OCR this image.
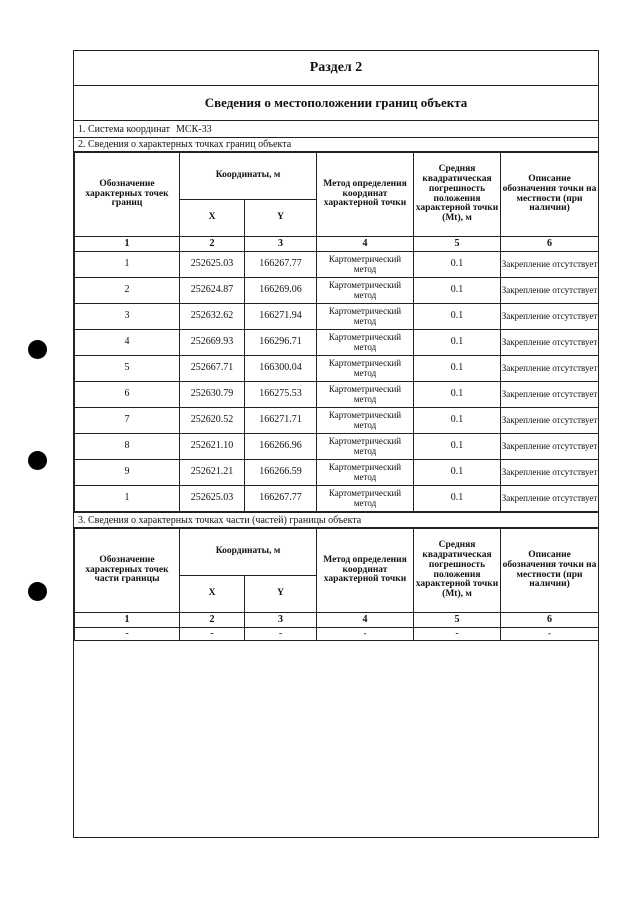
Раздел 2
Сведения о местоположении границ объекта
1. Система координат МСК-33
2. Сведения о характерных точках границ объекта
Обозначение характерных точек границ	Координаты, м		Метод определения координат характерной точки	Средняя квадратическая погрешность положения характерной точки (Mt), м	Описание обозначения точки на местности (при наличии)
	X	Y			
1	2	3	4	5	6
1	252625.03	166267.77	Картометрический метод	0.1	Закрепление отсутствует
2	252624.87	166269.06	Картометрический метод	0.1	Закрепление отсутствует
3	252632.62	166271.94	Картометрический метод	0.1	Закрепление отсутствует
4	252669.93	166296.71	Картометрический метод	0.1	Закрепление отсутствует
5	252667.71	166300.04	Картометрический метод	0.1	Закрепление отсутствует
6	252630.79	166275.53	Картометрический метод	0.1	Закрепление отсутствует
7	252620.52	166271.71	Картометрический метод	0.1	Закрепление отсутствует
8	252621.10	166266.96	Картометрический метод	0.1	Закрепление отсутствует
9	252621.21	166266.59	Картометрический метод	0.1	Закрепление отсутствует
1	252625.03	166267.77	Картометрический метод	0.1	Закрепление отсутствует
3. Сведения о характерных точках части (частей) границы объекта
Обозначение характерных точек части границы	Координаты, м		Метод определения координат характерной точки	Средняя квадратическая погрешность положения характерной точки (Mt), м	Описание обозначения точки на местности (при наличии)
	X	Y			
1	2	3	4	5	6
-	-	-	-	-	-
